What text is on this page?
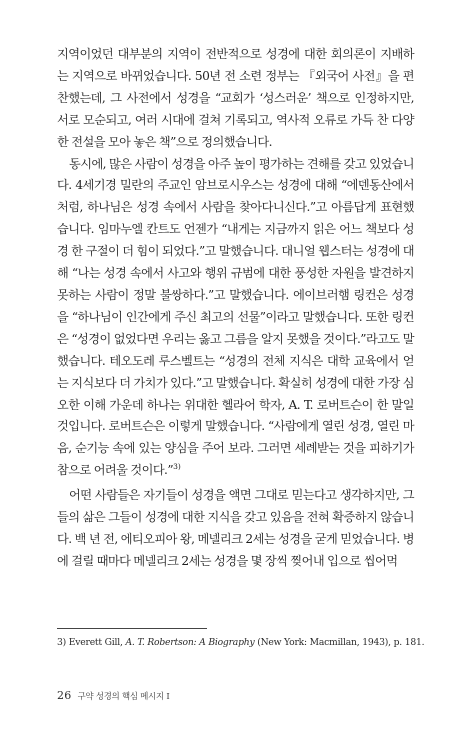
지역이었던 대부분의 지역이 전반적으로 성경에 대한 회의론이 지배하는 지역으로 바뀌었습니다. 50년 전 소련 정부는 『외국어 사전』을 편찬했는데, 그 사전에서 성경을 “교회가 ‘성스러운’ 책으로 인정하지만, 서로 모순되고, 여러 시대에 걸쳐 기록되고, 역사적 오류로 가득 찬 다양한 전설을 모아 놓은 책”으로 정의했습니다.

동시에, 많은 사람이 성경을 아주 높이 평가하는 견해를 갖고 있었습니다. 4세기경 밀란의 주교인 암브로시우스는 성경에 대해 “에덴동산에서처럼, 하나님은 성경 속에서 사람을 찾아다니신다.”고 아름답게 표현했습니다. 임마누엘 칸트도 언젠가 “내게는 지금까지 읽은 어느 책보다 성경 한 구절이 더 힘이 되었다.”고 말했습니다. 대니얼 웹스터는 성경에 대해 “나는 성경 속에서 사고와 행위 규범에 대한 풍성한 자원을 발견하지 못하는 사람이 정말 불쌍하다.”고 말했습니다. 에이브러햄 링컨은 성경을 “하나님이 인간에게 주신 최고의 선물”이라고 말했습니다. 또한 링컨은 “성경이 없었다면 우리는 옳고 그름을 알지 못했을 것이다.”라고도 말했습니다. 테오도레 루스벨트는 “성경의 전체 지식은 대학 교육에서 얻는 지식보다 더 가치가 있다.”고 말했습니다. 확실히 성경에 대한 가장 심오한 이해 가운데 하나는 위대한 헬라어 학자, A. T. 로버트슨이 한 말일 것입니다. 로버트슨은 이렇게 말했습니다. “사람에게 열린 성경, 열린 마음, 순기능 속에 있는 양심을 주어 보라. 그러면 세례받는 것을 피하기가 참으로 어려울 것이다.”$^{3)}$

어떤 사람들은 자기들이 성경을 액면 그대로 믿는다고 생각하지만, 그들의 삶은 그들이 성경에 대한 지식을 갖고 있음을 전혀 확증하지 않습니다. 백 년 전, 에티오피아 왕, 메넬리크 2세는 성경을 굳게 믿었습니다. 병에 걸릴 때마다 메넬리크 2세는 성경을 몇 장씩 찢어내 입으로 씹어먹

3) Everett Gill, A. T. Robertson: A Biography (New York: Macmillan, 1943), p. 181.
26 구약 성경의 핵심 메시지 I
